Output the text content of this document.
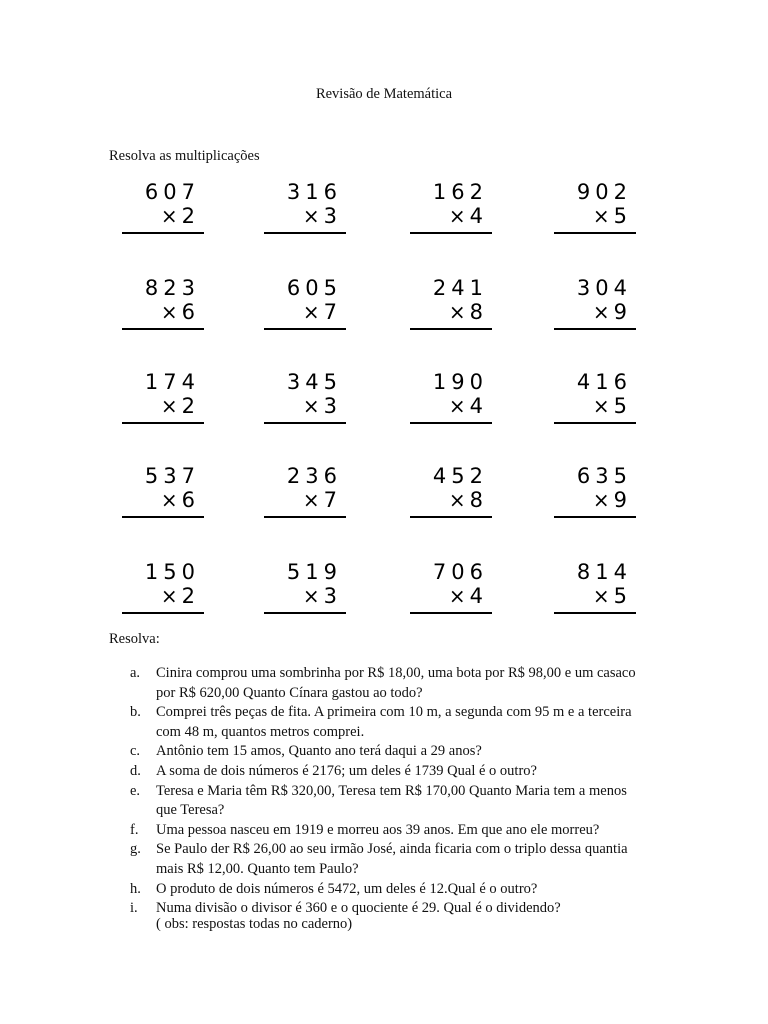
Revisão de Matemática
Resolva as multiplicações
607
× 2
316
× 3
162
× 4
902
× 5
823
× 6
605
× 7
241
× 8
304
× 9
174
× 2
345
× 3
190
× 4
416
× 5
537
× 6
236
× 7
452
× 8
635
× 9
150
× 2
519
× 3
706
× 4
814
× 5
Resolva:
a. Cinira comprou uma sombrinha por R$ 18,00, uma bota por R$ 98,00 e um casaco por R$ 620,00 Quanto Cínara gastou ao todo?
b. Comprei três peças de fita. A primeira com 10 m, a segunda com 95 m e a terceira com 48 m, quantos metros comprei.
c. Antônio tem 15 amos, Quanto ano terá daqui a 29 anos?
d. A soma de dois números é 2176; um deles é 1739 Qual é o outro?
e. Teresa e Maria têm R$ 320,00, Teresa tem R$ 170,00 Quanto Maria tem a menos que Teresa?
f. Uma pessoa nasceu em 1919 e morreu aos 39 anos. Em que ano ele morreu?
g. Se Paulo der R$ 26,00 ao seu irmão José, ainda ficaria com o triplo dessa quantia mais R$ 12,00. Quanto tem Paulo?
h. O produto de dois números é 5472, um deles é 12.Qual é o outro?
i. Numa divisão o divisor é 360 e o quociente é 29. Qual é o dividendo?
( obs: respostas todas no caderno)
